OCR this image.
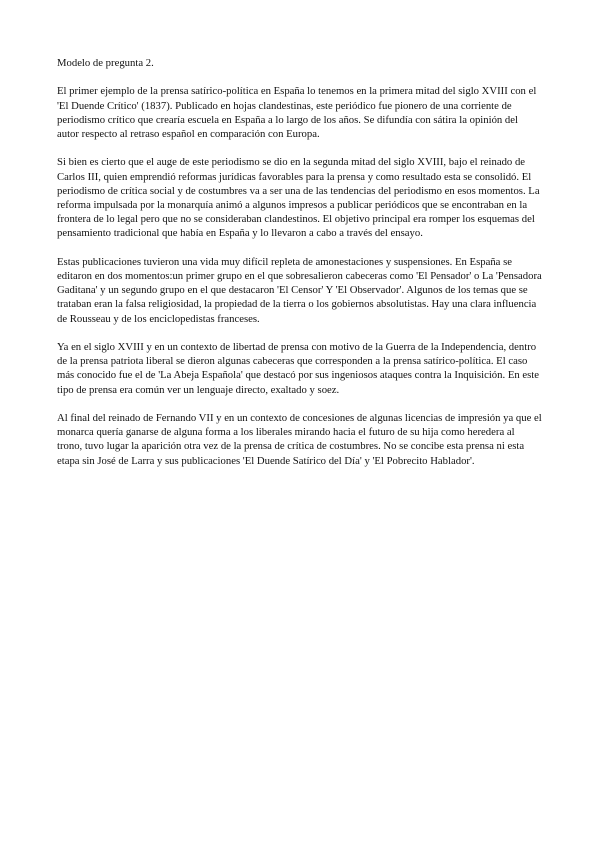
Modelo de pregunta 2.

El primer ejemplo de la prensa satírico-política en España lo tenemos en la primera mitad del siglo XVIII con el 'El Duende Crítico' (1837). Publicado en hojas clandestinas, este periódico fue pionero de una corriente de periodismo crítico que crearía escuela en España a lo largo de los años. Se difundía con sátira la opinión del autor respecto al retraso español en comparación con Europa.

Si bien es cierto que el auge de este periodismo se dio en la segunda mitad del siglo XVIII, bajo el reinado de Carlos III, quien emprendió reformas jurídicas favorables para la prensa y como resultado esta se consolidó. El periodismo de crítica social y de costumbres va a ser una de las tendencias del periodismo en esos momentos. La reforma impulsada por la monarquía animó a algunos impresos a publicar periódicos que se encontraban en la frontera de lo legal pero que no se consideraban clandestinos. El objetivo principal era romper los esquemas del pensamiento tradicional que había en España y lo llevaron a cabo a través del ensayo.

Estas publicaciones tuvieron una vida muy difícil repleta de amonestaciones y suspensiones. En España se editaron en dos momentos:un primer grupo en el que sobresalieron cabeceras como 'El Pensador' o La 'Pensadora Gaditana' y un segundo grupo en el que destacaron 'El Censor' Y 'El Observador'. Algunos de los temas que se trataban eran la falsa religiosidad, la propiedad de la tierra o los gobiernos absolutistas. Hay una clara influencia de Rousseau y de los enciclopedistas franceses.

Ya en el siglo XVIII y en un contexto de libertad de prensa con motivo de la Guerra de la Independencia, dentro de la prensa patriota liberal se dieron algunas cabeceras que corresponden a la prensa satírico-política. El caso más conocido fue el de 'La Abeja Española' que destacó por sus ingeniosos ataques contra la Inquisición. En este tipo de prensa era común ver un lenguaje directo, exaltado y soez.

Al final del reinado de Fernando VII y en un contexto de concesiones de algunas licencias de impresión ya que el monarca quería ganarse de alguna forma a los liberales mirando hacia el futuro de su hija como heredera al trono, tuvo lugar la aparición otra vez de la prensa de crítica de costumbres. No se concibe esta prensa ni esta etapa sin José de Larra y sus publicaciones 'El Duende Satírico del Día' y 'El Pobrecito Hablador'.
